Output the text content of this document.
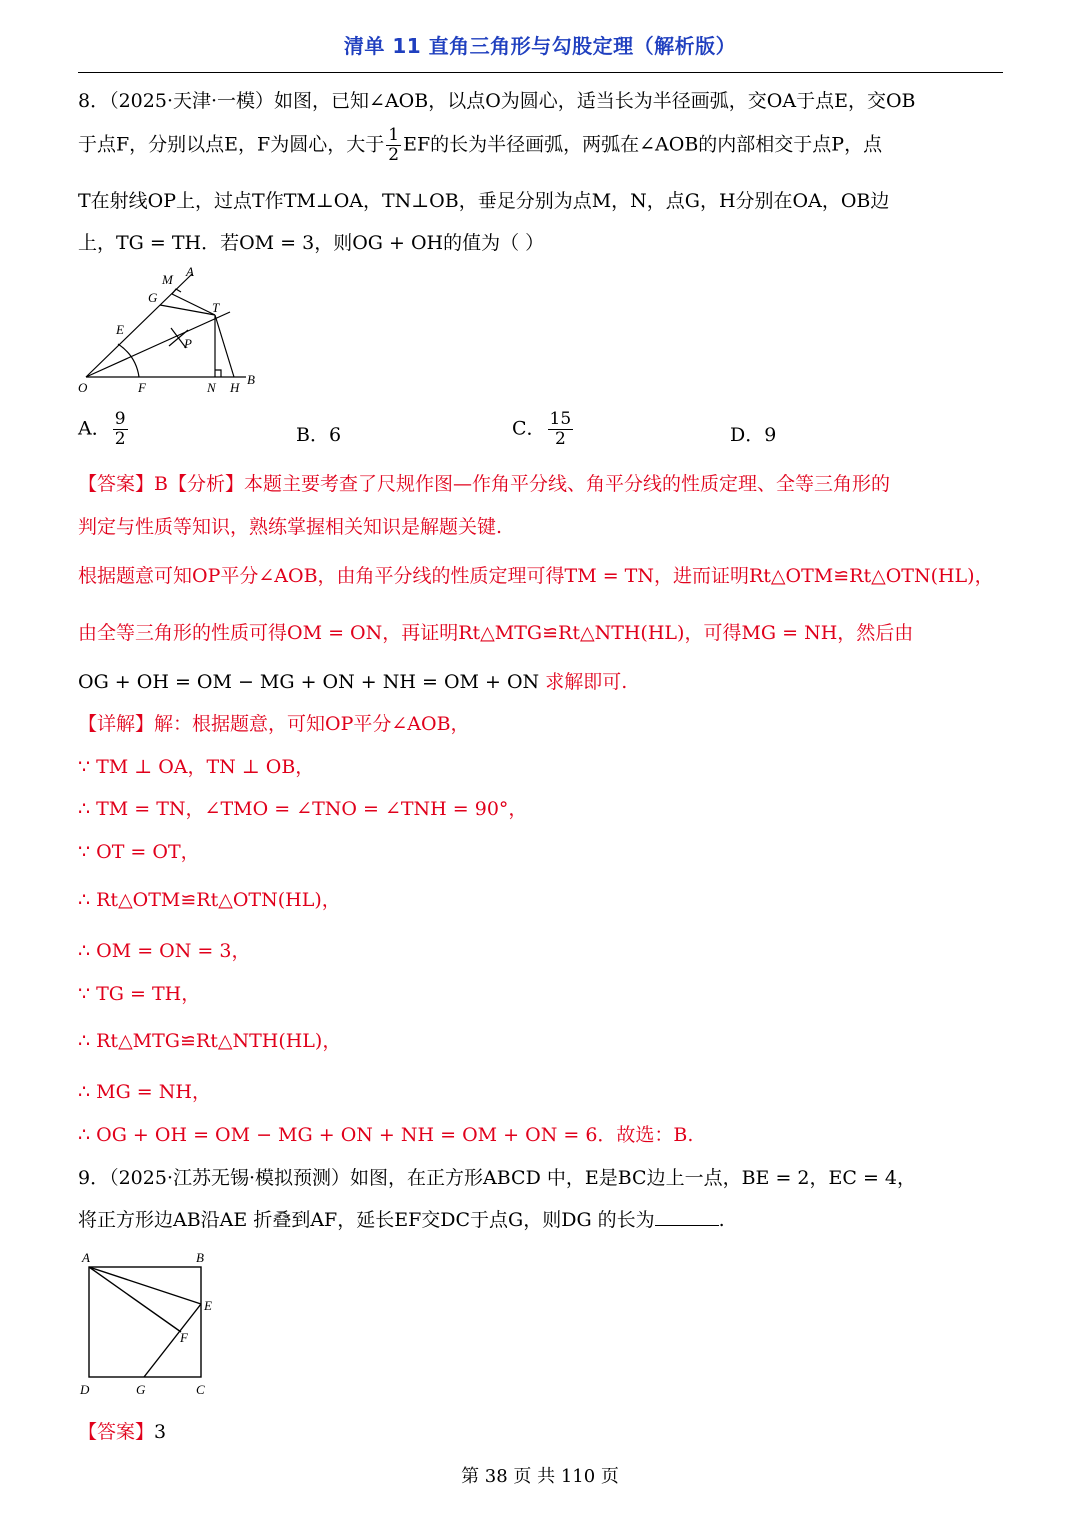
清单 11 直角三角形与勾股定理（解析版）
8．（2025·天津·一模）如图，已知∠AOB，以点O为圆心，适当长为半径画弧，交OA于点E，交OB
于点F，分别以点E，F为圆心，大于 $\frac{1}{2}$ EF的长为半径画弧，两弧在∠AOB的内部相交于点P，点
T在射线OP上，过点T作TM⊥OA，TN⊥OB，垂足分别为点M，N，点G，H分别在OA，OB边
上，TG = TH．若OM = 3，则OG + OH的值为（ ）
A
M
G
T
E
P
O	F	N H
B
A． $\frac{9}{2}$	B．6	C． $\frac{15}{2}$	D．9
【答案】B【分析】本题主要考查了尺规作图—作角平分线、角平分线的性质定理、全等三角形的
判定与性质等知识，熟练掌握相关知识是解题关键.
根据题意可知OP平分∠AOB，由角平分线的性质定理可得TM = TN，进而证明Rt△OTM≌Rt△OTN(HL)，
由全等三角形的性质可得OM = ON，再证明Rt△MTG≌Rt△NTH(HL)，可得MG = NH，然后由
OG + OH = OM − MG + ON + NH = OM + ON 求解即可.
【详解】解：根据题意，可知OP平分∠AOB，
∵ TM ⊥ OA，TN ⊥ OB，
∴ TM = TN，∠TMO = ∠TNO = ∠TNH = 90°，
∵ OT = OT，
∴ Rt△OTM≌Rt△OTN(HL)，
∴ OM = ON = 3，
∵ TG = TH，
∴ Rt△MTG≌Rt△NTH(HL)，
∴ MG = NH，
∴ OG + OH = OM − MG + ON + NH = OM + ON = 6．故选：B.
9．（2025·江苏无锡·模拟预测）如图，在正方形ABCD 中，E是BC边上一点，BE = 2，EC = 4，
将正方形边AB沿AE 折叠到AF，延长EF交DC于点G，则DG 的长为	.
A	B
E
F
D	G	C
【答案】3
第 38 页 共 110 页
